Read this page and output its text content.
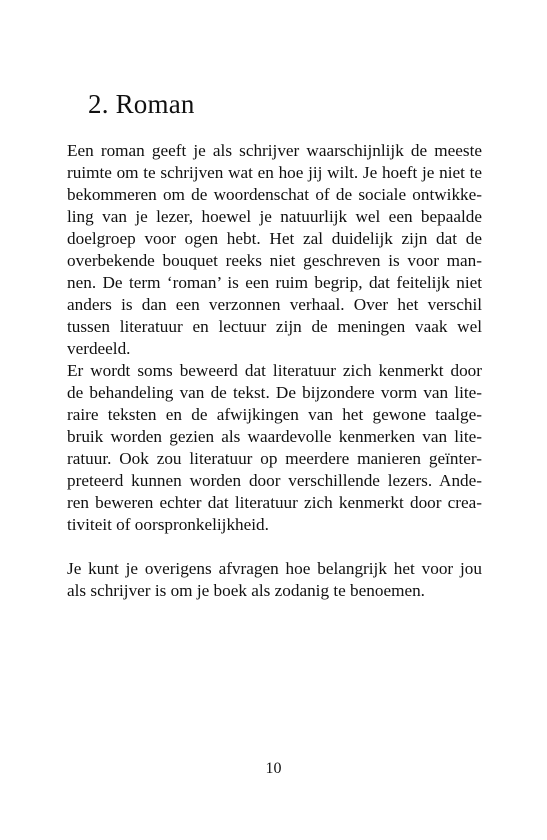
2. Roman
Een roman geeft je als schrijver waarschijnlijk de meeste
ruimte om te schrijven wat en hoe jij wilt. Je hoeft je niet te
bekommeren om de woordenschat of de sociale ontwikke-
ling van je lezer, hoewel je natuurlijk wel een bepaalde
doelgroep voor ogen hebt. Het zal duidelijk zijn dat de
overbekende bouquet reeks niet geschreven is voor man-
nen. De term ‘roman’ is een ruim begrip, dat feitelijk niet
anders is dan een verzonnen verhaal. Over het verschil
tussen literatuur en lectuur zijn de meningen vaak wel
verdeeld.
Er wordt soms beweerd dat literatuur zich kenmerkt door
de behandeling van de tekst. De bijzondere vorm van lite-
raire teksten en de afwijkingen van het gewone taalge-
bruik worden gezien als waardevolle kenmerken van lite-
ratuur. Ook zou literatuur op meerdere manieren geïnter-
preteerd kunnen worden door verschillende lezers. Ande-
ren beweren echter dat literatuur zich kenmerkt door crea-
tiviteit of oorspronkelijkheid.
Je kunt je overigens afvragen hoe belangrijk het voor jou
als schrijver is om je boek als zodanig te benoemen.
10
